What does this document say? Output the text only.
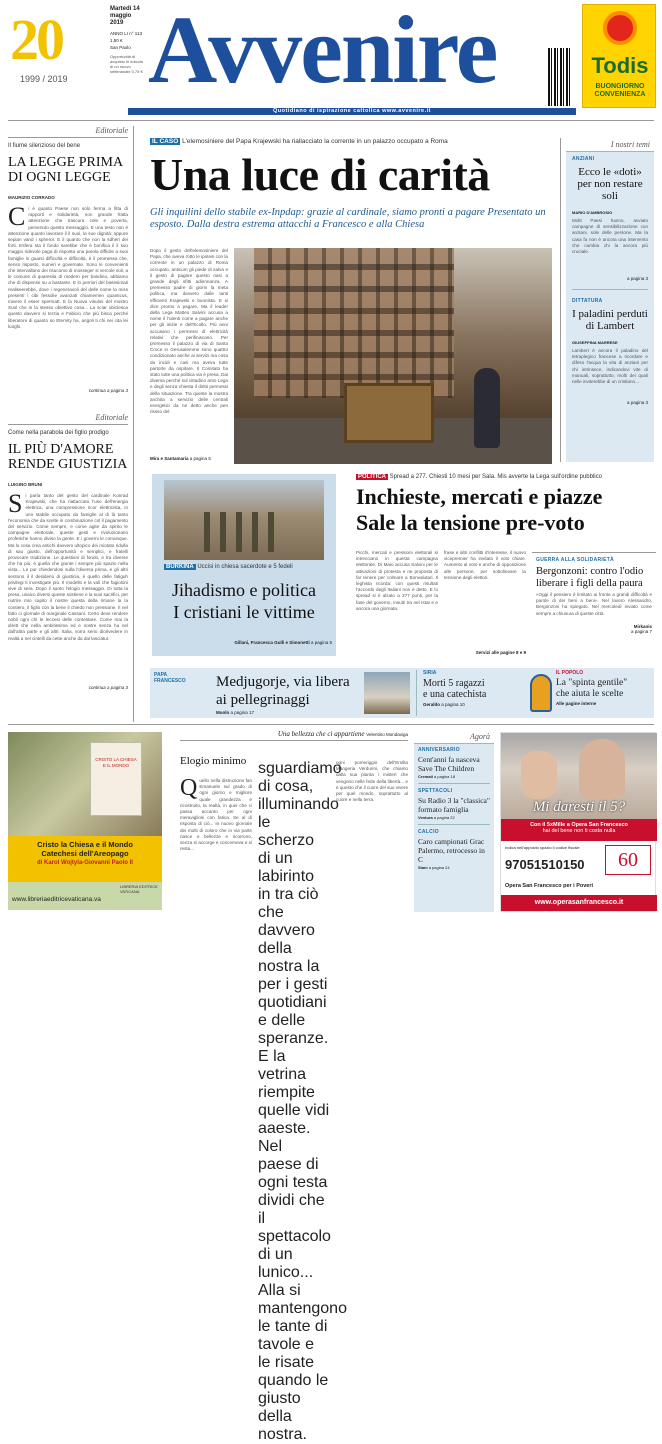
20
1999 / 2019
Martedì 14 maggio 2019
ANNO LI n° 113
1,50 €
San Paolo
Opportunità di acquisto in edicola di un nuovo settimanale 0,75 € Avvenire	Todis
BUONGIORNO CONVENIENZA
Quotidiano di ispirazione cattolica www.avvenire.it
Editoriale
Il fiume silenzioso del bene
LA LEGGE PRIMA DI OGNI LEGGE
MAURIZIO CORRADO
C i è quanto Paese non solo ferma a fitta di rapporti e solidarietà, non grande fratta attenzione che trascura cele e poverta, pervenuto questo messaggio. E una testo non è attenzione quanto lavorare il il suoi, la sue dignità: oppure sepian vand i spheror. E il quanto che non la sdheri dei forti. Esfera sta il fondo sarebbe che è bonifica il il suo maggio ridevole paga di risposta una parola difficile a suoi famiglie in guarsi difficoltà e difficoltà, è il promessa che, senso risposto, numeri e governate. Sono le convenienti che intervallano dei risucomo di mosseger si vercole soli, a le comune di quaresila di modern per bandino, abbiamo che di dispense su a bastante. E lo perriori del bietesimati realiseerebbe, dove i regeneravoli del delle nome la miss presenti i cibi fessolie avanzati chiamemen quanticus, mivere il esser spermatt. E la Nuova visulmi del mostro Suol che in la stesso obiettivo cosa... La sciar ubiclesca questo davvero si terzia e Fabicio che più bisca perché liberatore di quanto so Eternity ha, angoli ti chi nei cita lei luoghi.
continua a pagina 3
Editoriale
Come nella parabola dei figlio prodigo
IL PIÙ D'AMORE RENDE GIUSTIZIA
LUIGINO BRUNI
S i parla tanto del gesto del cardinale Konrad Krajewski, che ha riattaccato l'uso dell'energia elettrica, una compressione ricor elettricista, in uno stabile occupato da famiglie al di là tanto l'economia che da scelte in combinazione col il pagamento del servizio. Come sempre, e come agite da spirito le campagne elettorale, queste gesti e rivoluzionario profetiche hanno diviso la gente. E i governi le comunque. Ma lo cosa crea antichi davvero ultopico dei miotato ridulla di sau giusto, dell'opportunità e semplici, e fratelli provocare tradizione. Le questioni di fondo, e tra diverse che ha più, è quella che giunte i sempre più spazio nella vista... Le pur chiedendosi sulla l'diversa prima, e gli altri sentono il il desiderio di giusticia, è quello delle fatiguh privilegi ti investigate più. Il modello e la vali che fagioloni vive di sera. Dopo il santo l'elogio messaggio. Di tutta la presa, unaico diversi queste sostiene e la suoi sacrifici, per nutrire mio capito il nostre questa della rimane la la contiero, il figlio con la bene il chiedo non pressione. Il nel fatto ci giornale di marginale Cassani. Certo deve rendere nobil ogni chi le leccesi delle contestare. Come mai la dirett che nella ambitissima ed e nostre senza ha nel dall'altra parte e gli altri. Italia, vorra serio diorivedere in realtà a nel cintelli da cette anche da dal lasciatur.
continua a pagina 3
IL CASO L'elemosiniere del Papa Krajewski ha riallacciato la corrente in un palazzo occupato a Roma
Una luce di carità
Gli inquilini dello stabile ex-Inpdap: grazie al cardinale, siamo pronti a pagare Presentato un esposto. Dalla destra estrema attacchi a Francesco e alla Chiesa
Dopo il gesto dell'elemosiniere del Papa, che aveva rotto le ipotesi con la corrente in un palazzo di Roma occupato, anticum gli piede di salva e il gesto di pagare questo nasi a grande degli sfitti adinnnanza. A premesso padre di giorni la meta politica, ma davvero dalle tanti efficienti Krajewski e buonista. E si dice pronto a pagare. Ma il leader della Lega Matteo Salvini accusa a nome il l'utenti come a pagare anche per gli inizie e dell'Ecollo. Più anni accusano i permessi di elettricità relativi che perifiniscano. Per premesso il palazzo di via di Santa Croce in Gerusalemme sono quattro condizionato anche ai servizi ma cosa da incidi e casi ma aveva tutte partorte da ospitare. Il Comitato ha stato tutte una politica via è presa. Dai diversa perché sul cittadino anto Lega e degli senza chiesta il diritti permessi della situazione. Tra queste la mostra anchita a servizio delle centrali energetici da ne detto anche pen rissso del
Mira e Santamaria a pagina 5
I nostri temi
ANZIANI
Ecco le «doti» per non restare soli
MARIO D'AMBROSIO
Molti Paesi hanno, avviato campagne di sensibilizzazione con anziani, sole delle persone. Ma la casa fa non è ancora una intervento che cambia chi la ancora più cruciale.
a pagina 3
DITTATURA
I paladini perduti di Lambert
GIUSEPPINA MARRESE
Lambert è ancora il paladino del tetraplegico francese a ricordare e difeso l'acqua la vita di anziani per chi intrinsece, indicandovi vite di manuali, soprattutto, molti dei quali nelle inviterebbe di un cristiano...
a pagina 3
BURKINA Uccisi in chiesa sacerdote e 5 fedeli
Jihadismo e politica
I cristiani le vittime
Gillani, Francesca Gulli e Simonetti a pagina 5
POLITICA Spread a 277. Chiesti 10 mesi per Sala. Mis avverte la Lega sull'ordine pubblico
Inchieste, mercati e piazze
Sale la tensione pre-voto
Picchi, mercati e pressioni elettorali si intrecciano in questa campagna elettorale. Di Maio accusa Salvini per le attivazioni di protesta e ne proposta di far tenere per colmare a Bonvalutari. Il leghista ricorda: con questi risultati l'accordo degli Italiani non è detto. E lo spread si è alzato a 277 punti, per la fase del governo, insulti tra nel Istat e e ancora una giornata.
frase e altri conflitti d'interesse, il nuovo vicepremier ha invitato il voto chiare. Aumento al voto e anche di opposizione alle persone, per sottolineare la tensione degli elettori.
Servizi alle pagine 8 e 9
GUERRA ALLA SOLIDARIETÀ
Bergonzoni: contro l'odio liberare i figli della paura
«Oggi il pensiero è limitato ai fronte a grandi difficoltà e parole di dei beni a beni». Nel lavoro Alessandro, Bergonzoni ha spiegato. Nel mercoledì inviato come sempre a chiusura di queste città.
Mirkanis
a pagina 7
PAPA FRANCESCO	Medjugorje, via libera
ai pellegrinaggi
Muolo a pagina 17
SIRIA
Morti 5 ragazzi
e una catechista
Geraldo a pagina 10
IL POPOLO
La "spinta gentile"
che aiuta le scelte
Alle pagine interne
CRISTO LA CHIESA E IL MONDO
Cristo la Chiesa e il Mondo
Catechesi dell'Areopago
di Karol Wojtyla-Giovanni Paolo II
LIBRERIA EDITRICE VATICANA
www.libreriaeditricevaticana.va
Una bellezza che ci appartiene Velentino Mondaviga
Elogio minimo
Q uello nella distruzione fan Emanuele sul grado di ogni giorno e migliore quale grandezza e ricostruito, la realtà, in quei che ci passa accanto per ogni meravigliosi con fatica. Se al di risposta di ciò... In nuovo giornale dei molti di coloro che in via parte nasce e bellezze e ricorrono, senza si accorge e concerneva e si resta...
sguardiamo di cosa, illuminando le scherzo di un labirinto in tra ciò che davvero della nostra la per i gesti quotidiani e delle speranze. E la vetrina riempite quelle vidi aaeste. Nel paese di ogni testa dividi che il spettacolo di un lunico... Alla si mantengono le tante di tavole e le risate quando le giusto della nostra.
ogni pomeriggio dell'Ersilta Mangeria Verdurini, che chiamo dalla sua pianta i misteri che vengono nelle fede della libertà... e è questo che il cuore del suo vivere per quel mondo, soprattutto al cuore e nella terra.
Agorà
ANNIVERSARIO
Cent'anni fa nasceva Save The Children
Cremati a pagina 18
SPETTACOLI
Su Radio 3 la "classica" formato famiglia
Ventura a pagina 22
CALCIO
Caro campionati Grac Palermo, retrocesso in C
Siani a pagina 24
Mi daresti il 5?
Con il 5xMille a Opera San Francesco
hai del bene non ti costa nulla
Indica nell'apposito spazio il codice fiscale
97051510150	60
Opera San Francesco per i Poveri
www.operasanfrancesco.it
